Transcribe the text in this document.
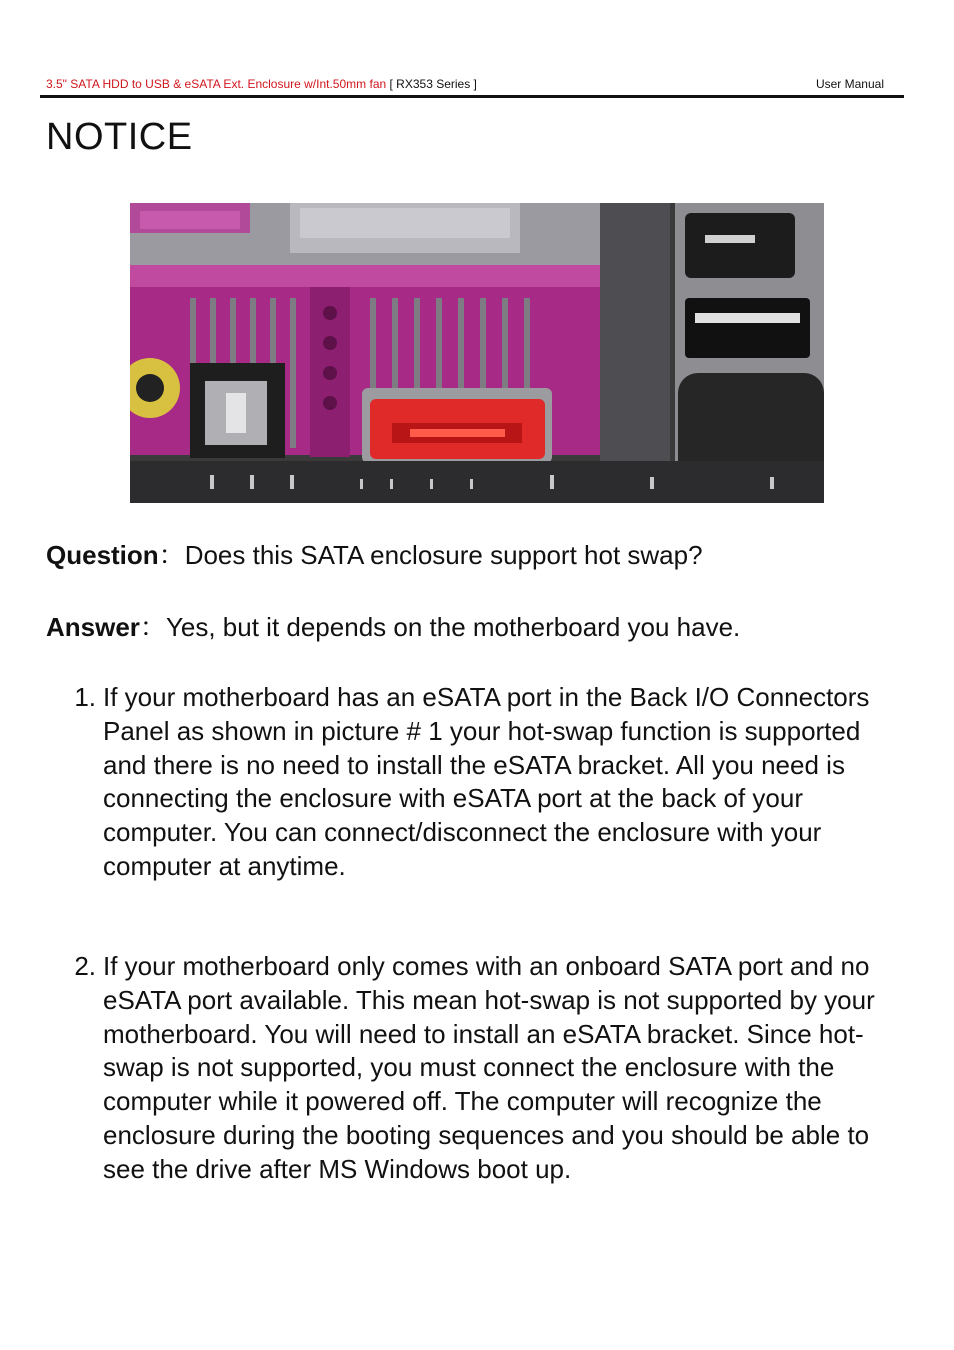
3.5" SATA HDD to USB & eSATA Ext. Enclosure w/Int.50mm fan [ RX353 Series ]	User Manual
NOTICE
Question：Does this SATA enclosure support hot swap?
Answer：Yes, but it depends on the motherboard you have.
1. If your motherboard has an eSATA port in the Back I/O Connectors Panel as shown in picture # 1 your hot-swap function is supported and there is no need to install the eSATA bracket. All you need is connecting the enclosure with eSATA port at the back of your computer. You can connect/disconnect the enclosure with your computer at anytime.
2. If your motherboard only comes with an onboard SATA port and no eSATA port available. This mean hot-swap is not supported by your motherboard. You will need to install an eSATA bracket. Since hot-swap is not supported, you must connect the enclosure with the computer while it powered off. The computer will recognize the enclosure during the booting sequences and you should be able to see the drive after MS Windows boot up.
